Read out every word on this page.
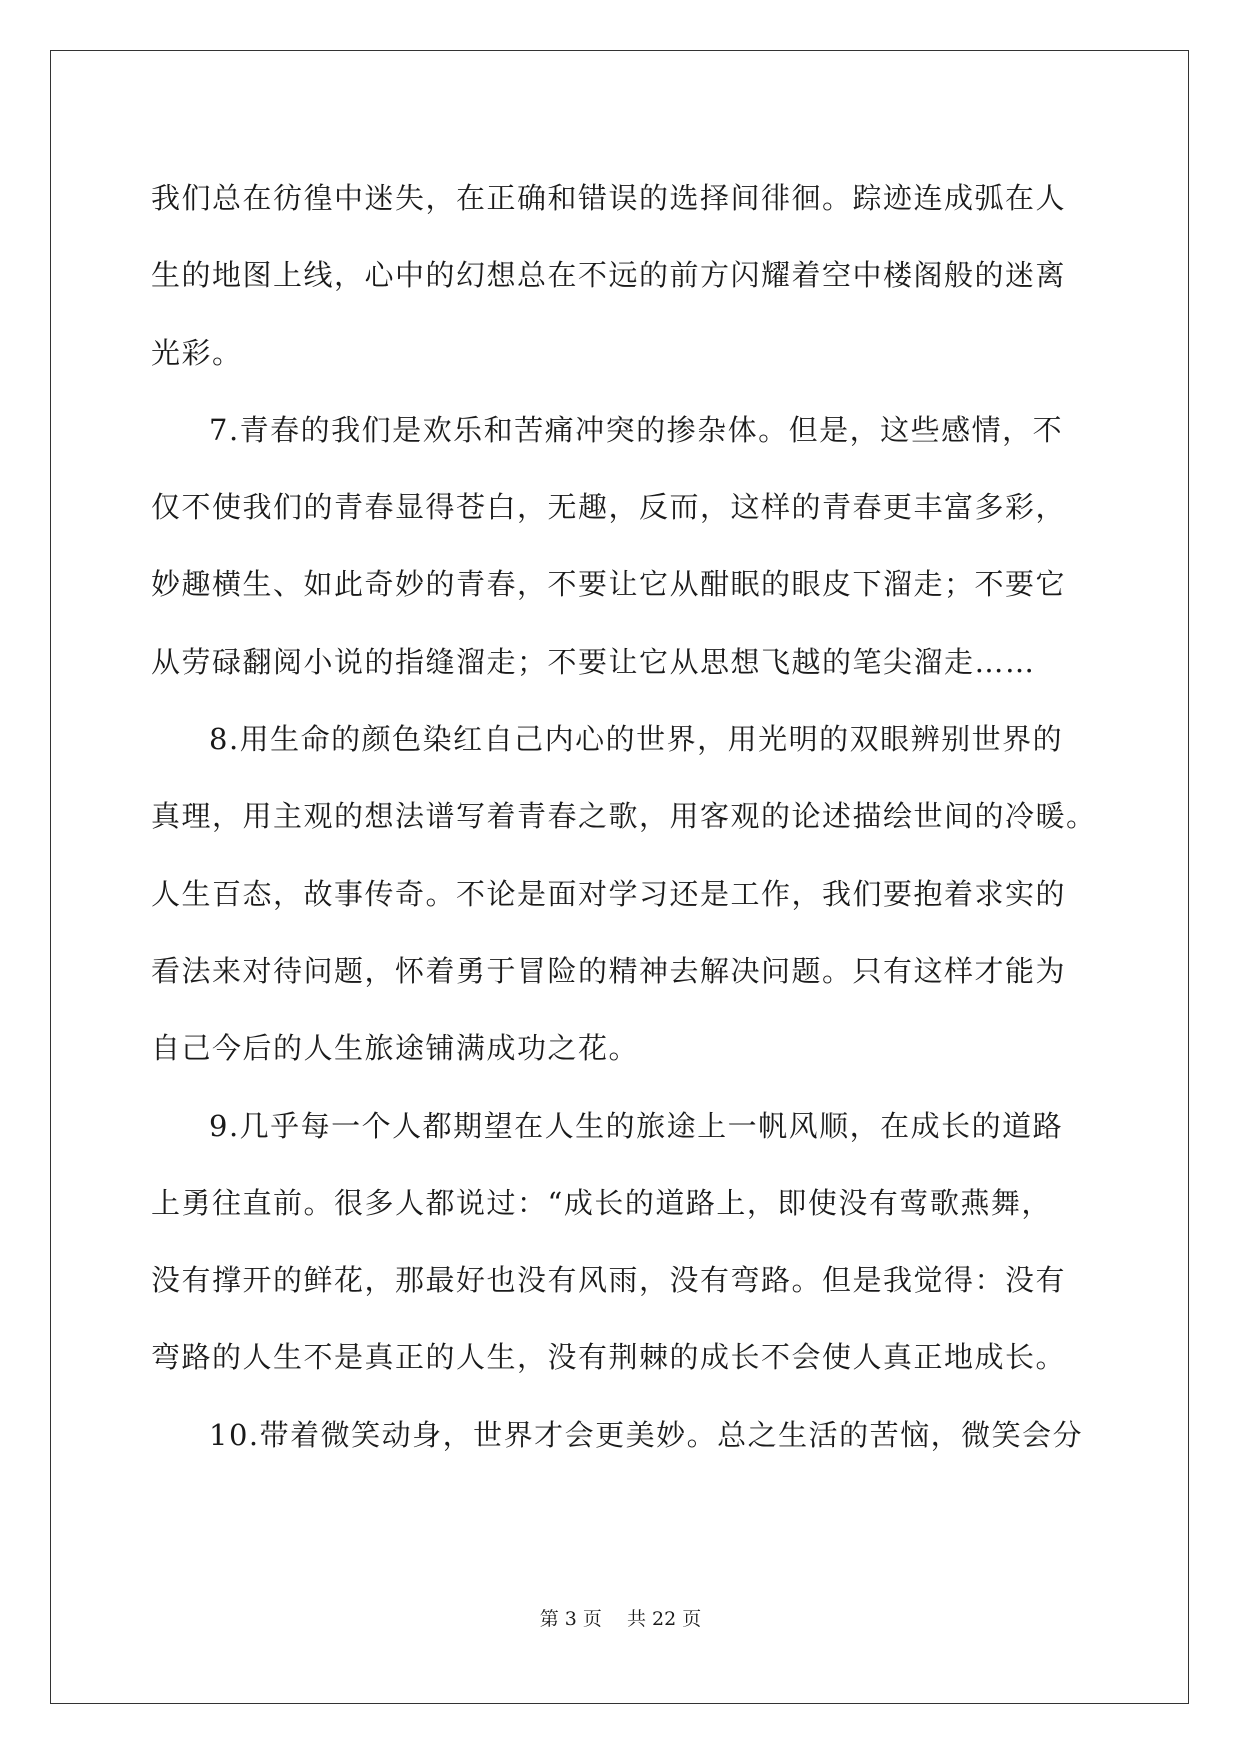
我们总在彷徨中迷失，在正确和错误的选择间徘徊。踪迹连成弧在人
生的地图上线，心中的幻想总在不远的前方闪耀着空中楼阁般的迷离
光彩。
7.青春的我们是欢乐和苦痛冲突的掺杂体。但是，这些感情，不
仅不使我们的青春显得苍白，无趣，反而，这样的青春更丰富多彩，
妙趣横生、如此奇妙的青春，不要让它从酣眠的眼皮下溜走；不要它
从劳碌翻阅小说的指缝溜走；不要让它从思想飞越的笔尖溜走……
8.用生命的颜色染红自己内心的世界，用光明的双眼辨别世界的
真理，用主观的想法谱写着青春之歌，用客观的论述描绘世间的冷暖。
人生百态，故事传奇。不论是面对学习还是工作，我们要抱着求实的
看法来对待问题，怀着勇于冒险的精神去解决问题。只有这样才能为
自己今后的人生旅途铺满成功之花。
9.几乎每一个人都期望在人生的旅途上一帆风顺，在成长的道路
上勇往直前。很多人都说过：“成长的道路上，即使没有莺歌燕舞，
没有撑开的鲜花，那最好也没有风雨，没有弯路。但是我觉得：没有
弯路的人生不是真正的人生，没有荆棘的成长不会使人真正地成长。
10.带着微笑动身，世界才会更美妙。总之生活的苦恼，微笑会分
第 3 页　 共 22 页
